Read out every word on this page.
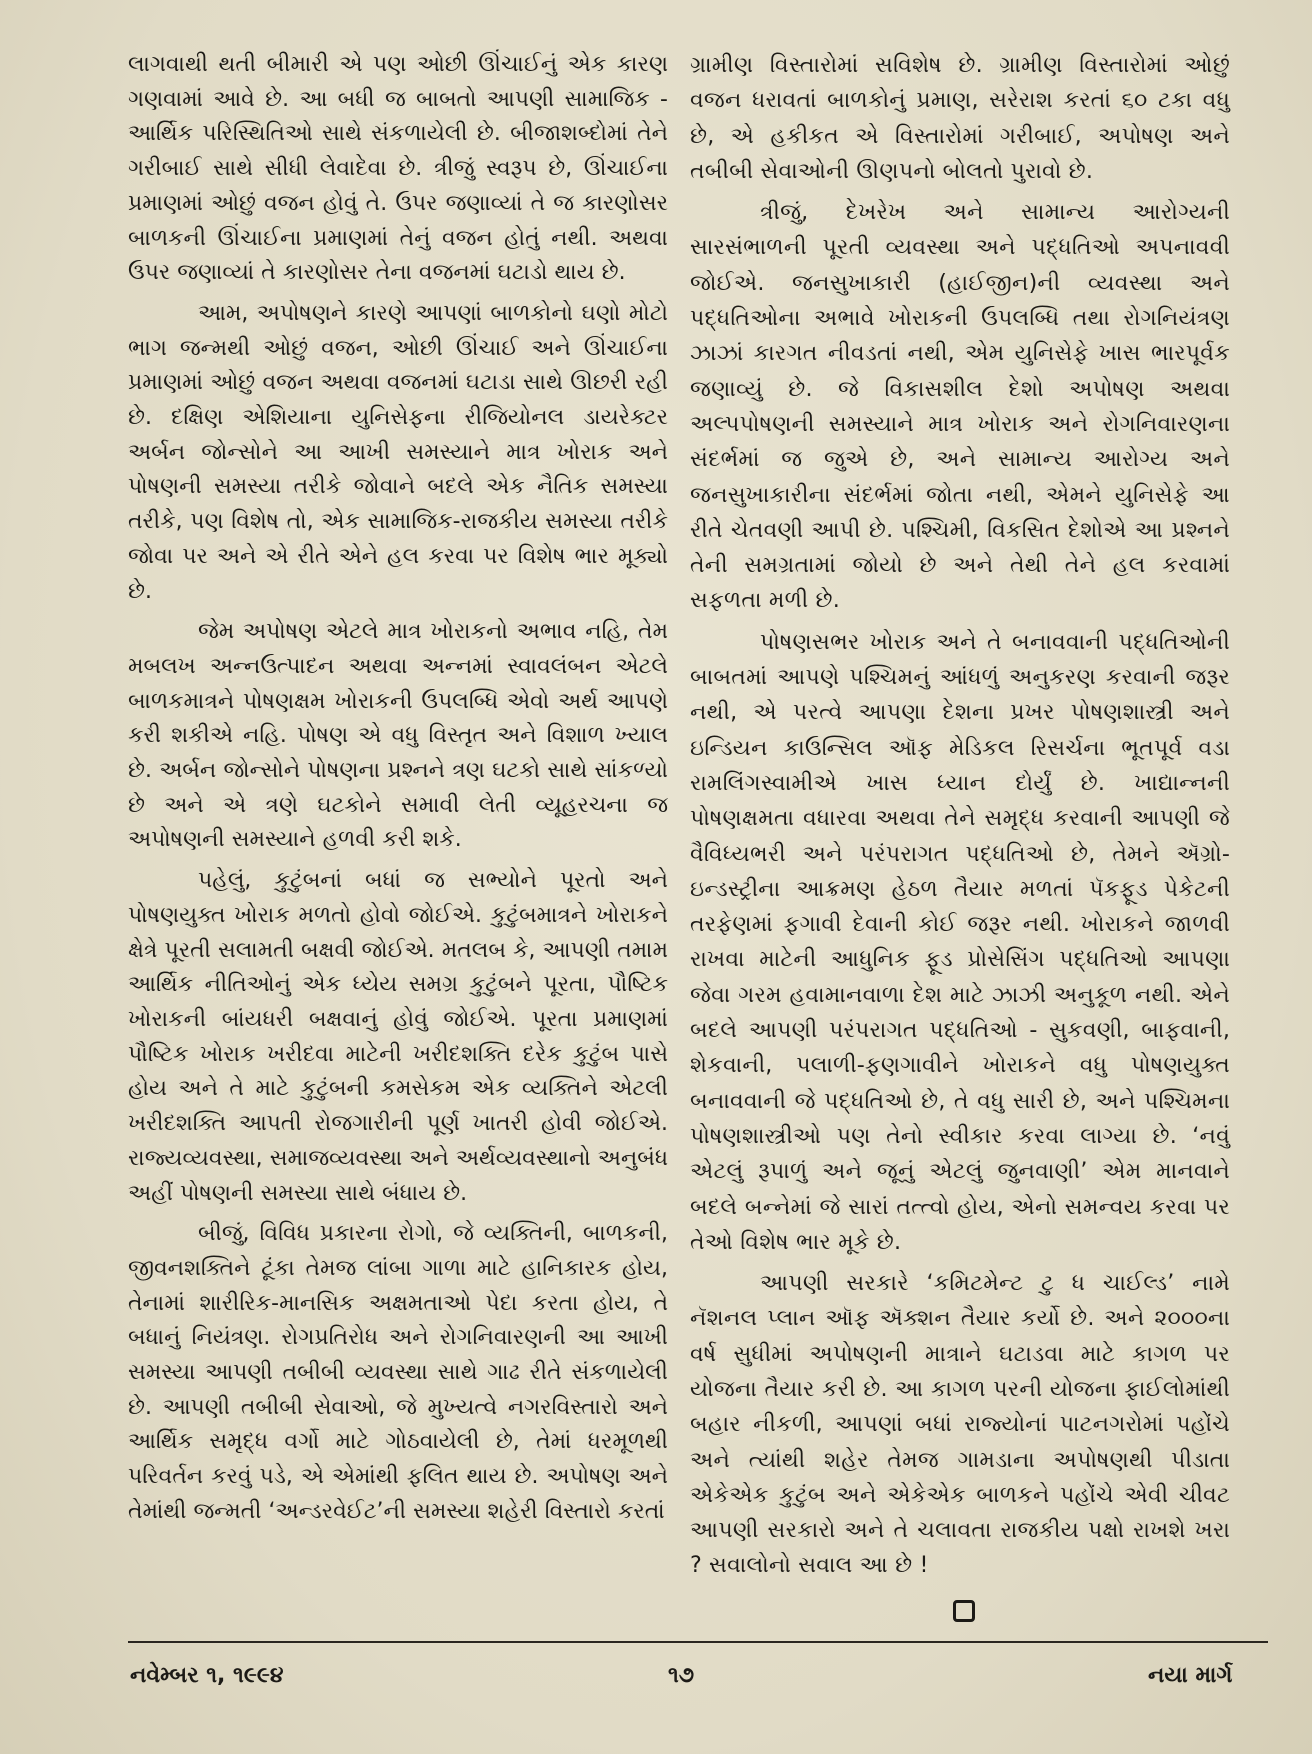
લાગવાથી થતી બીમારી એ પણ ઓછી ઊંચાઈનું એક કારણ ગણવામાં આવે છે. આ બધી જ બાબતો આપણી સામાજિક - આર્થિક પરિસ્થિતિઓ સાથે સંકળાયેલી છે. બીજાશબ્દોમાં તેને ગરીબાઈ સાથે સીધી લેવાદેવા છે. ત્રીજું સ્વરૂપ છે, ઊંચાઈના પ્રમાણમાં ઓછું વજન હોવું તે. ઉપર જણાવ્યાં તે જ કારણોસર બાળકની ઊંચાઈના પ્રમાણમાં તેનું વજન હોતું નથી. અથવા ઉપર જણાવ્યાં તે કારણોસર તેના વજનમાં ઘટાડો થાય છે.

આમ, અપોષણને કારણે આપણાં બાળકોનો ઘણો મોટો ભાગ જન્મથી ઓછું વજન, ઓછી ઊંચાઈ અને ઊંચાઈના પ્રમાણમાં ઓછું વજન અથવા વજનમાં ઘટાડા સાથે ઊછરી રહી છે. દક્ષિણ એશિયાના યુનિસેફના રીજિયોનલ ડાયરેક્ટર અર્બન જોન્સોને આ આખી સમસ્યાને માત્ર ખોરાક અને પોષણની સમસ્યા તરીકે જોવાને બદલે એક નૈતિક સમસ્યા તરીકે, પણ વિશેષ તો, એક સામાજિક-રાજકીય સમસ્યા તરીકે જોવા પર અને એ રીતે એને હલ કરવા પર વિશેષ ભાર મૂક્યો છે.

જેમ અપોષણ એટલે માત્ર ખોરાકનો અભાવ નહિ, તેમ મબલખ અન્નઉત્પાદન અથવા અન્નમાં સ્વાવલંબન એટલે બાળકમાત્રને પોષણક્ષમ ખોરાકની ઉપલબ્ધિ એવો અર્થ આપણે કરી શકીએ નહિ. પોષણ એ વધુ વિસ્તૃત અને વિશાળ ખ્યાલ છે. અર્બન જોન્સોને પોષણના પ્રશ્નને ત્રણ ઘટકો સાથે સાંકળ્યો છે અને એ ત્રણે ઘટકોને સમાવી લેતી વ્યૂહરચના જ અપોષણની સમસ્યાને હળવી કરી શકે.

પહેલું, કુટુંબનાં બધાં જ સભ્યોને પૂરતો અને પોષણયુક્ત ખોરાક મળતો હોવો જોઈએ. કુટુંબમાત્રને ખોરાકને ક્ષેત્રે પૂરતી સલામતી બક્ષવી જોઈએ. મતલબ કે, આપણી તમામ આર્થિક નીતિઓનું એક ધ્યેય સમગ્ર કુટુંબને પૂરતા, પૌષ્ટિક ખોરાકની બાંયધરી બક્ષવાનું હોવું જોઈએ. પૂરતા પ્રમાણમાં પૌષ્ટિક ખોરાક ખરીદવા માટેની ખરીદશક્તિ દરેક કુટુંબ પાસે હોય અને તે માટે કુટુંબની કમસેકમ એક વ્યક્તિને એટલી ખરીદશક્તિ આપતી રોજગારીની પૂર્ણ ખાતરી હોવી જોઈએ. રાજ્યવ્યવસ્થા, સમાજવ્યવસ્થા અને અર્થવ્યવસ્થાનો અનુબંધ અહીં પોષણની સમસ્યા સાથે બંધાય છે.

બીજું, વિવિધ પ્રકારના રોગો, જે વ્યક્તિની, બાળકની, જીવનશક્તિને ટૂંકા તેમજ લાંબા ગાળા માટે હાનિકારક હોય, તેનામાં શારીરિક-માનસિક અક્ષમતાઓ પેદા કરતા હોય, તે બધાનું નિયંત્રણ. રોગપ્રતિરોધ અને રોગનિવારણની આ આખી સમસ્યા આપણી તબીબી વ્યવસ્થા સાથે ગાઢ રીતે સંકળાયેલી છે. આપણી તબીબી સેવાઓ, જે મુખ્યત્વે નગરવિસ્તારો અને આર્થિક સમૃદ્ધ વર્ગો માટે ગોઠવાયેલી છે, તેમાં ધરમૂળથી પરિવર્તન કરવું પડે, એ એમાંથી ફલિત થાય છે. અપોષણ અને તેમાંથી જન્મતી ‘અન્ડરવેઈટ’ની સમસ્યા શહેરી વિસ્તારો કરતાં

ગ્રામીણ વિસ્તારોમાં સવિશેષ છે. ગ્રામીણ વિસ્તારોમાં ઓછું વજન ધરાવતાં બાળકોનું પ્રમાણ, સરેરાશ કરતાં ૬૦ ટકા વધુ છે, એ હકીકત એ વિસ્તારોમાં ગરીબાઈ, અપોષણ અને તબીબી સેવાઓની ઊણપનો બોલતો પુરાવો છે.

ત્રીજું, દેખરેખ અને સામાન્ય આરોગ્યની સારસંભાળની પૂરતી વ્યવસ્થા અને પદ્ધતિઓ અપનાવવી જોઈએ. જનસુખાકારી (હાઈજીન)ની વ્યવસ્થા અને પદ્ધતિઓના અભાવે ખોરાકની ઉપલબ્ધિ તથા રોગનિયંત્રણ ઝાઝાં કારગત નીવડતાં નથી, એમ યુનિસેફે ખાસ ભારપૂર્વક જણાવ્યું છે. જે વિકાસશીલ દેશો અપોષણ અથવા અલ્પપોષણની સમસ્યાને માત્ર ખોરાક અને રોગનિવારણના સંદર્ભમાં જ જુએ છે, અને સામાન્ય આરોગ્ય અને જનસુખાકારીના સંદર્ભમાં જોતા નથી, એમને યુનિસેફે આ રીતે ચેતવણી આપી છે. પશ્ચિમી, વિકસિત દેશોએ આ પ્રશ્નને તેની સમગ્રતામાં જોયો છે અને તેથી તેને હલ કરવામાં સફળતા મળી છે.

પોષણસભર ખોરાક અને તે બનાવવાની પદ્ધતિઓની બાબતમાં આપણે પશ્ચિમનું આંધળું અનુકરણ કરવાની જરૂર નથી, એ પરત્વે આપણા દેશના પ્રખર પોષણશાસ્ત્રી અને ઇન્ડિયન કાઉન્સિલ ઑફ મેડિકલ રિસર્ચના ભૂતપૂર્વ વડા રામલિંગસ્વામીએ ખાસ ધ્યાન દોર્યું છે. ખાદ્યાન્નની પોષણક્ષમતા વધારવા અથવા તેને સમૃદ્ધ કરવાની આપણી જે વૈવિધ્યભરી અને પરંપરાગત પદ્ધતિઓ છે, તેમને ઍગ્રો-ઇન્ડસ્ટ્રીના આક્રમણ હેઠળ તૈયાર મળતાં પૅકફૂડ પેકેટની તરફેણમાં ફગાવી દેવાની કોઈ જરૂર નથી. ખોરાકને જાળવી રાખવા માટેની આધુનિક ફૂડ પ્રોસેસિંગ પદ્ધતિઓ આપણા જેવા ગરમ હવામાનવાળા દેશ માટે ઝાઝી અનુકૂળ નથી. એને બદલે આપણી પરંપરાગત પદ્ધતિઓ - સુકવણી, બાફવાની, શેકવાની, પલાળી-ફણગાવીને ખોરાકને વધુ પોષણયુક્ત બનાવવાની જે પદ્ધતિઓ છે, તે વધુ સારી છે, અને પશ્ચિમના પોષણશાસ્ત્રીઓ પણ તેનો સ્વીકાર કરવા લાગ્યા છે. ‘નવું એટલું રૂપાળું અને જૂનું એટલું જુનવાણી’ એમ માનવાને બદલે બન્નેમાં જે સારાં તત્ત્વો હોય, એનો સમન્વય કરવા પર તેઓ વિશેષ ભાર મૂકે છે.

આપણી સરકારે ‘કમિટમેન્ટ ટુ ધ ચાઈલ્ડ’ નામે નૅશનલ પ્લાન ઑફ ઍક્શન તૈયાર કર્યો છે. અને ૨૦૦૦ના વર્ષ સુધીમાં અપોષણની માત્રાને ઘટાડવા માટે કાગળ પર યોજના તૈયાર કરી છે. આ કાગળ પરની યોજના ફાઈલોમાંથી બહાર નીકળી, આપણાં બધાં રાજ્યોનાં પાટનગરોમાં પહોંચે અને ત્યાંથી શહેર તેમજ ગામડાના અપોષણથી પીડાતા એકેએક કુટુંબ અને એકેએક બાળકને પહોંચે એવી ચીવટ આપણી સરકારો અને તે ચલાવતા રાજકીય પક્ષો રાખશે ખરા ? સવાલોનો સવાલ આ છે !

નવેમ્બર ૧, ૧૯૯૪	૧૭	નયા માર્ગ
